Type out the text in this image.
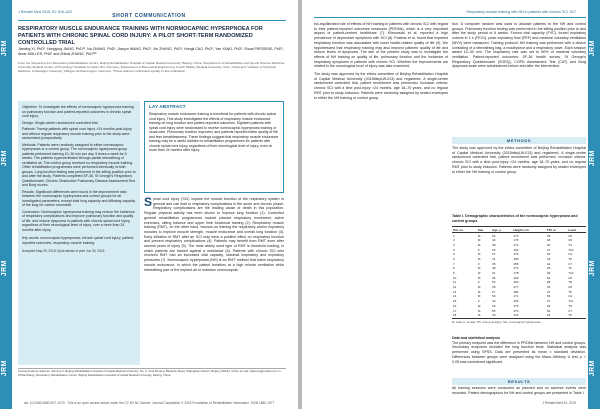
JRM
JRM
JRM
JRM
J Rehabil Med 2015; 51: 616–620
SHORT COMMUNICATION
RESPIRATORY MUSCLE ENDURANCE TRAINING WITH NORMOCAPNIC HYPERPNOEA FOR PATIENTS WITH CHRONIC SPINAL CORD INJURY: A PILOT SHORT-TERM RANDOMIZED CONTROLLED TRIAL
Jiaming XI, PhD¹, Hongying JIANG, PhD¹², Na ZHANG, PhD¹, Jianjun WANG, PhD¹, Xin ZHANG, PhD¹, Hongli CAO, PhD¹, Yan YANG, PhD¹, Shuai PIESSENS, PhD¹, Amar MÜLLER, PhD¹ and Zhihai ZHANG, PhD¹²³
From the ¹Department of Respiratory Rehabilitation Centre, Beijing Rehabilitation Hospital of Capital Medical University, Beijing, China, ²Department of Rehabilitation and Sports Science Medicine, University Medical Centre of Physiology Hospitals Complex NN, Germany, ³Department of Biomedical Engineering, Fourth Military Medical University, Xi'an, China and ⁴Institute of Technical Medicine, Fuhuanguo University, Villingen-Schwenningen, Germany. *These authors contributed equally to this publication.

Objective: To investigate the effects of normocapnic hyperpnoea training on pulmonary function and patient-reported outcomes in chronic spinal cord injury.

Design: Single-centre randomized controlled trial.

Patients: Twenty patients with spinal cord injury >24 months post-injury and without regular respiratory muscle training prior to the study were randomized prospectively.

Methods: Patients were randomly assigned to either normocapnic hyperpnoea or a control group. The normocapnic hyperpnoea group patients performed training 10–30 min per day, 5 times a week for 6 weeks. The patients hyperventilated through partial rebreathing of ventilated air. The control group received no respiratory muscle training. Other rehabilitation programmes were performed identically in both groups. Lung function testing was performed in the sitting position prior to and after the study. Patients completed SF-36, St George's Respiratory Questionnaire, Chronic Obstructive Pulmonary Disease Assessment Test and Borg scores.

Results: Significant differences were found in the improvement ratio between the normocapnic hyperpnoea and control groups for all investigated parameters, except total lung capacity and diffusing capacity of the lung for carbon monoxide.

Conclusion: Normocapnic hyperpnoea training may reduce the incidence of respiratory complications and improve pulmonary function and quality of life, and reduce dyspnoea in patients with chronic spinal cord injury, regardless of their neurological level of injury, over a more than 24 months after injury.

Key words: normocapnic hyperpnoea; chronic spinal cord injury; patient-reported outcomes; respiratory muscle training.

Accepted May 25, 2015; Epub ahead of print Jun 30, 2015

LAY ABSTRACT
Respiratory muscle endurance training is beneficial for patients with chronic spinal cord injury. This study investigated the effects of respiratory muscle endurance training on lung function and patient-reported outcomes. Eighteen patients with spinal cord injury were randomized to receive normocapnic hyperpnoea training or usual care. Pulmonary function improved, and patients reported better quality of life and less breathlessness. These findings suggest that respiratory muscle endurance training may be a useful addition to rehabilitation programmes for patients with chronic spinal cord injury, regardless of their neurological level of injury, even at more than 24 months after injury.
Spinal cord injury (SCI) impairs the muscle function of the respiratory system in general and can lead to respiratory complications in the acute and chronic phase. Respiratory complications are the leading cause of death in this population. Regular physical activity has been shown to improve lung function (1). Controlled general rehabilitation programmes include passive respiratory movement, active exercises, sitting balance and upper limb functional training (2). Respiratory muscle training (RMT), on the other hand, focuses on training the respiratory and/or expiratory muscles to improve muscle strength, muscle endurance and overall lung function (3). Early initiation of RMT after an SCI may have a positive effect on respiratory function and prevent respiratory complications (4). Patients may benefit from RMT even after several years of injury (5). The most widely used type of RMT is threshold loading, in which patients are trained against a resistance (6). Patients with chronic SCI who received RMT had an increased vital capacity, maximal inspiratory and expiratory pressures (7). Normocapnic hyperpnoea (NH) is an RMT method that trains respiratory muscle endurance, in which the patient breathes at a high minute ventilation while rebreathing part of the expired air to maintain normocapnia.
Correspondence address: Jiaming Xi, Beijing Rehabilitation Hospital of Capital Medical University, No. 0, Xixia Zhuang, Badachu Road, Shijingshan District, Beijing 100144, China. E-mail: xijiaming@rehab.com.cn. Zhihai Zhang, Respiratory Rehabilitation Centre, Beijing Rehabilitation Hospital of Capital Medical University, Beijing, China.
doi: 10.2340/16501977-1973 · This is an open access article under the CC BY-NC license. Journal Compilation © 2015 Foundation of Rehabilitation Information. ISSN 1650-1977
JRM
JRM
JRM
JRM
Respiratory muscle training with NH in patients with chronic SCI 617

bio-equilibrated role of effects of NH training in patients with chronic SCI with regard to their patient-reported outcomes measures (PROMs), which is a very important aspect of patient-centred healthcare (7). Kilmonszki et al. reported a high prevalence of depressive symptoms with SCI (8). Postma et al. found that impaired respiratory function was associated with lower health-related quality of life (9). We hypothesized that respiratory training may also improve patients' quality of life and reduce levels of dyspnoea. The aim of the present study was to investigate the effects of NH training on quality of life, pulmonary function and the incidence of respiratory symptoms in patients with chronic SCI. Whether the improvements are related to the neurological level of injury was also examined.

The study was approved by the ethics committee of Beijing Rehabilitation Hospital of Capital Medical University (2015bkkyLW-013) and registered. A single-centre randomized controlled trial, patient recruitment was performed. Inclusion criteria: chronic SCI with a time post-injury >24 months, age 18–70 years, and no regular RMT prior to study inclusion. Patients were randomly assigned by sealed envelopes to either the NH training or control group.

tion. A computer random was used to allocate patients to the NH and control groups. Pulmonary function testing was performed in the sitting position prior to and after the study period of 6 weeks. Forced vital capacity (FVC), forced expiratory volume in 1 s (FEV1), peak expiratory flow (PEF) and maximal voluntary ventilation (MVV) were measured. Training protocol: NH training was performed with a device consisting of a rebreathing bag, a mouthpiece and a respiratory valve. Each session lasted 10–30 min. The respiratory rate was set to 60% of maximal voluntary ventilation. Patient-reported outcomes: SF-36 health survey, St George's Respiratory Questionnaire (SGRQ), COPD Assessment Test (CAT) and Borg dyspnoea scale were administered before and after the intervention.

METHODS

The study was approved by the ethics committee of Beijing Rehabilitation Hospital of Capital Medical University (2015bkkyLW-013) and registered. A single-centre randomized controlled trial, patient recruitment was performed. Inclusion criteria: chronic SCI with a time post-injury >24 months, age 18–70 years, and no regular RMT prior to study inclusion. Patients were randomly assigned by sealed envelopes to either the NH training or control group.

Table I. Demographic characteristics of the normocapnic hyperpnoea and control groups
Pat. no.	Sex	Age, y	Height, cm	TPI, m	Level
1	M	52	170	36	C5
2	M	44	176	48	C6
3	M	38	172	30	T4
4	F	29	162	27	T10
5	M	57	175	60	C4
6	M	41	180	33	T6
7	F	35	158	42	C7
8	M	48	174	25	T2
9	M	31	178	39	T12
10	M	46	169	54	C5
11	F	53	160	28	T8
12	M	39	177	45	C6
13	M	27	182	31	T5
14	M	50	171	66	C4
15	F	43	163	37	T11
16	M	36	175	29	T3
17	M	55	173	52	C7
18	M	40	179	34	T9
M: male; F: female; TPI: time post-injury; NH: normocapnic hyperpnoea.

Data and statistical analysis

The primary endpoint was the difference in PROMs between NH and control groups. Secondary endpoints included the lung function tests. Statistical analysis was performed using SPSS. Data are presented as mean ± standard deviation. Differences between groups were analysed using the Mann–Whitney U test; p < 0.05 was considered significant.

RESULTS

All training sessions were conducted as planned and no adverse events were recorded. Patient demographics for NH and control groups are presented in Table I.

J Rehabil Med 51, 2019
